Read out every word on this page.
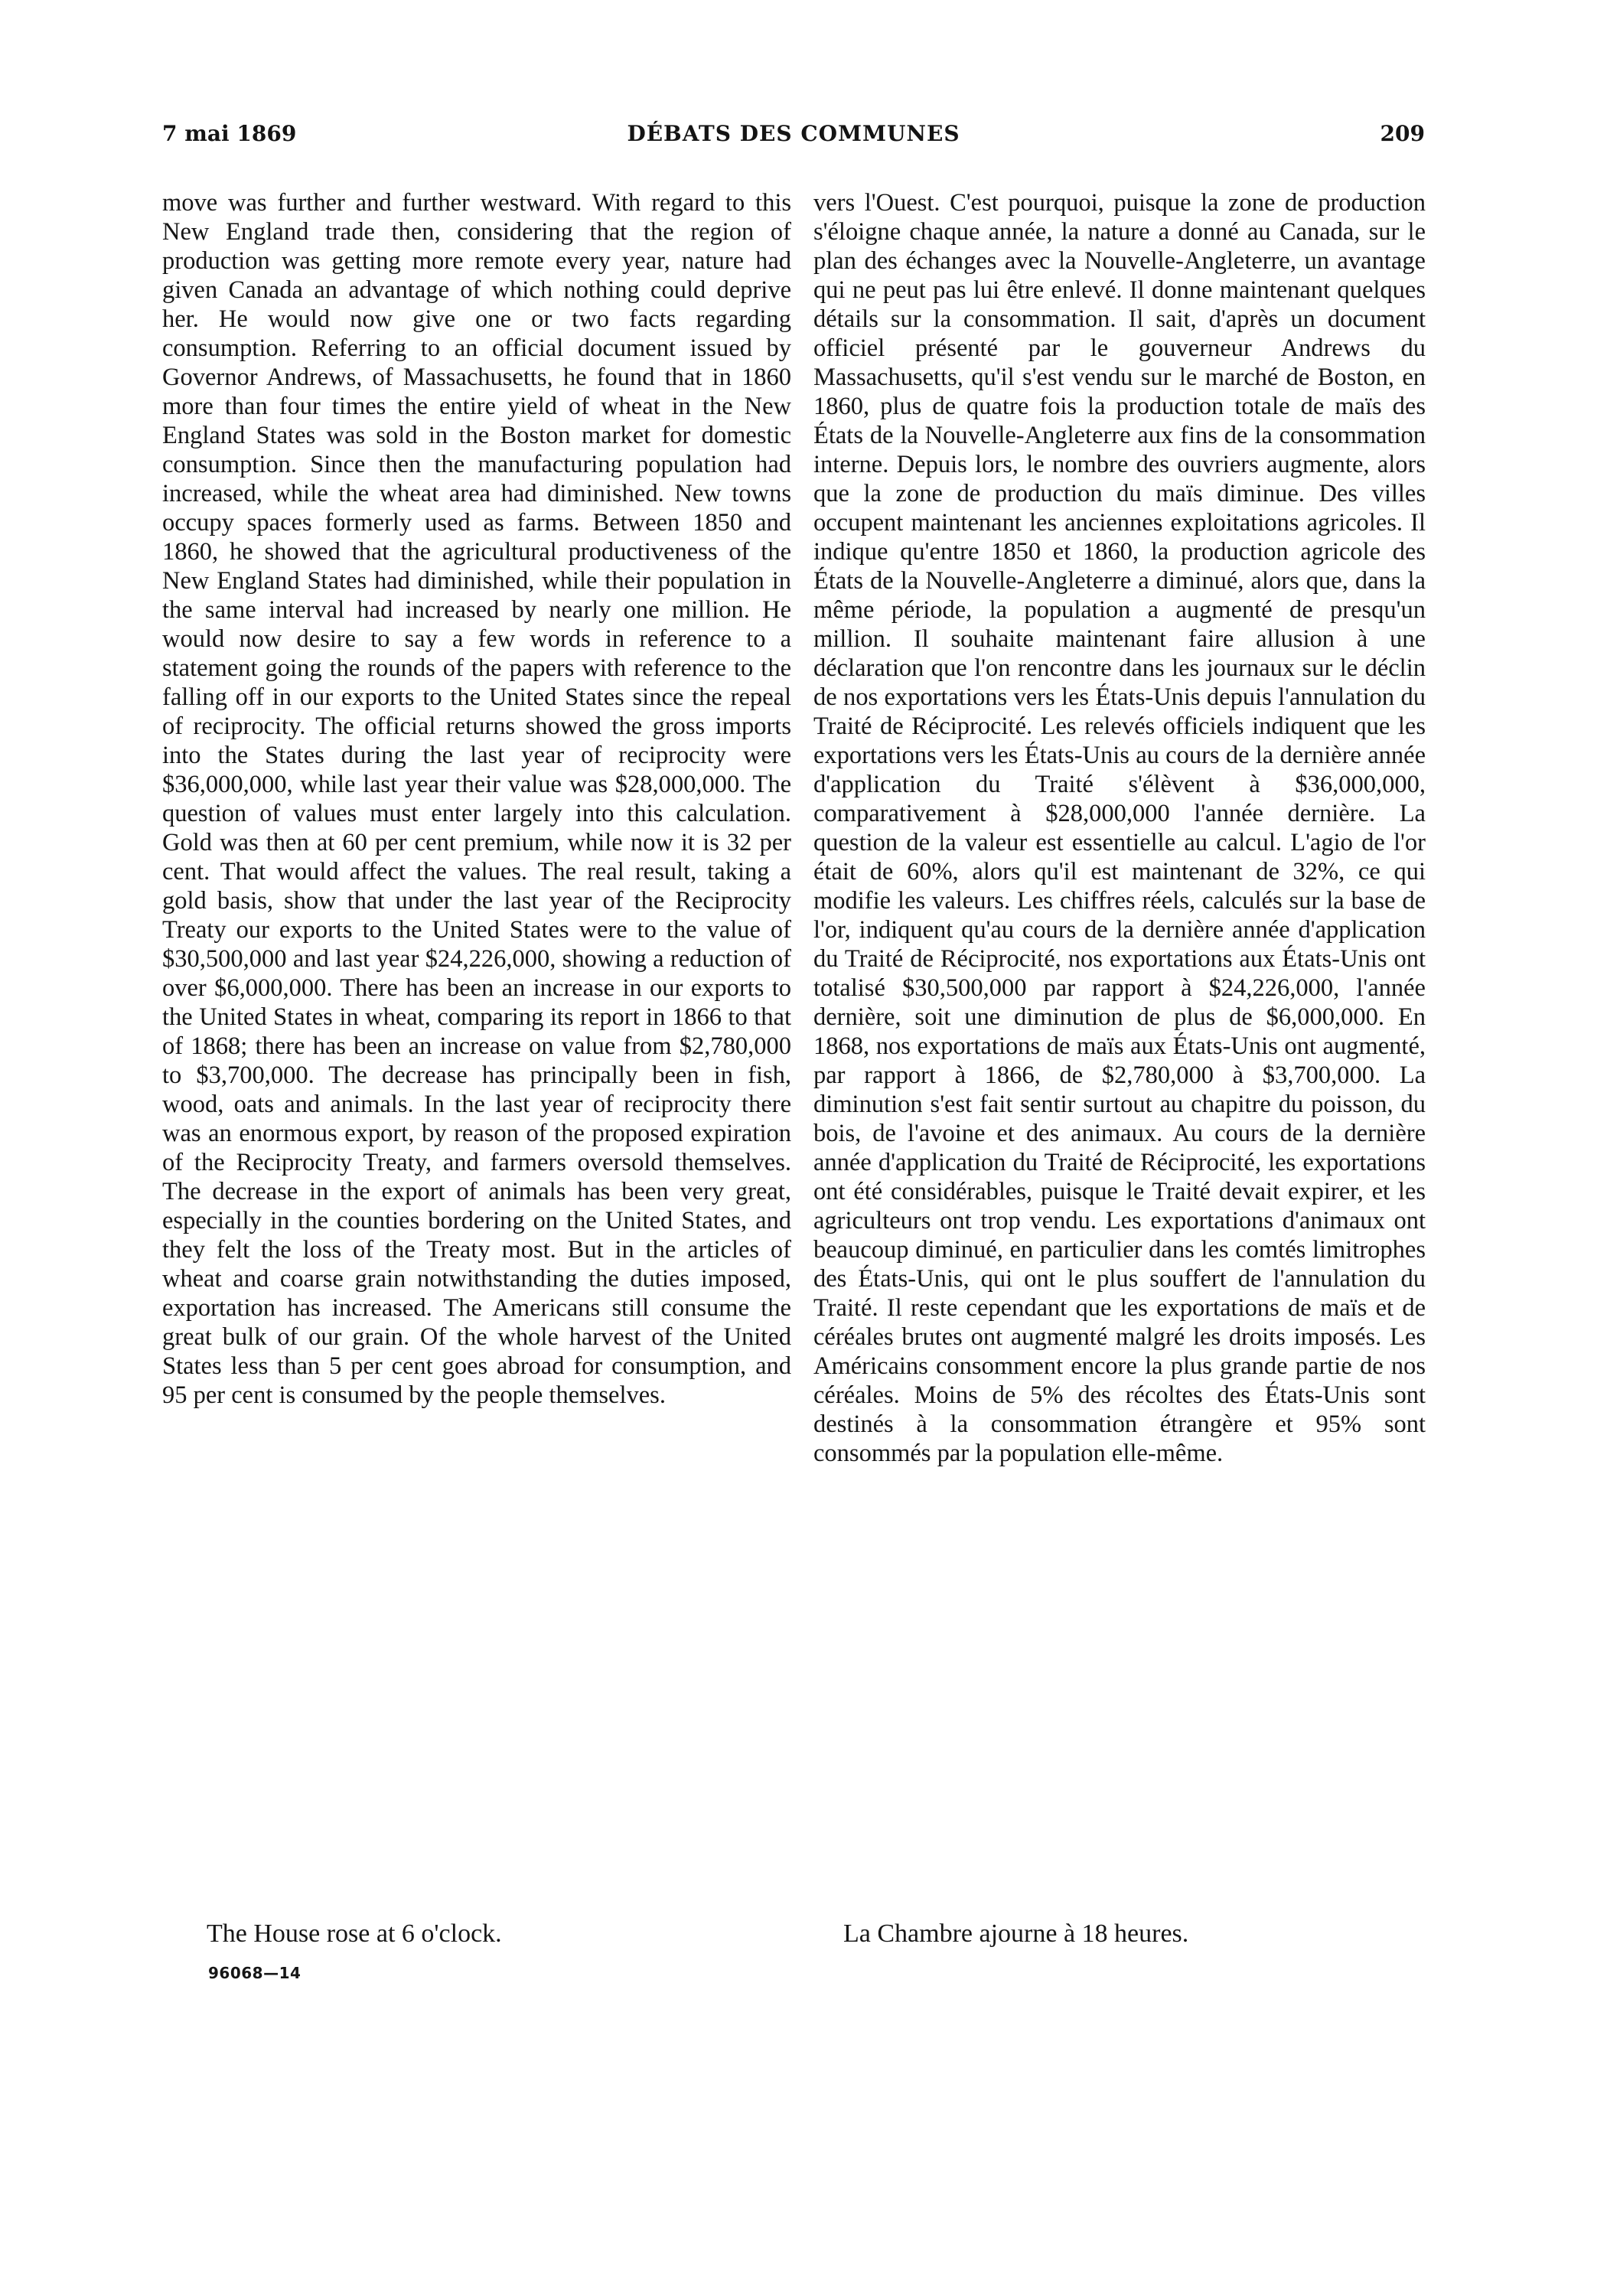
7 mai 1869	DÉBATS DES COMMUNES	209

move was further and further westward. With regard to this New England trade then, considering that the region of production was getting more remote every year, nature had given Canada an advantage of which nothing could deprive her. He would now give one or two facts regarding consumption. Referring to an official document issued by Governor Andrews, of Massachusetts, he found that in 1860 more than four times the entire yield of wheat in the New England States was sold in the Boston market for domestic consumption. Since then the manufacturing population had increased, while the wheat area had diminished. New towns occupy spaces formerly used as farms. Between 1850 and 1860, he showed that the agricultural productiveness of the New England States had diminished, while their population in the same interval had increased by nearly one million. He would now desire to say a few words in reference to a statement going the rounds of the papers with reference to the falling off in our exports to the United States since the repeal of reciprocity. The official returns showed the gross imports into the States during the last year of reciprocity were $36,000,000, while last year their value was $28,000,000. The question of values must enter largely into this calculation. Gold was then at 60 per cent premium, while now it is 32 per cent. That would affect the values. The real result, taking a gold basis, show that under the last year of the Reciprocity Treaty our exports to the United States were to the value of $30,500,000 and last year $24,226,000, showing a reduction of over $6,000,000. There has been an increase in our exports to the United States in wheat, comparing its report in 1866 to that of 1868; there has been an increase on value from $2,780,000 to $3,700,000. The decrease has principally been in fish, wood, oats and animals. In the last year of reciprocity there was an enormous export, by reason of the proposed expiration of the Reciprocity Treaty, and farmers oversold themselves. The decrease in the export of animals has been very great, especially in the counties bordering on the United States, and they felt the loss of the Treaty most. But in the articles of wheat and coarse grain notwithstanding the duties imposed, exportation has increased. The Americans still consume the great bulk of our grain. Of the whole harvest of the United States less than 5 per cent goes abroad for consumption, and 95 per cent is consumed by the people themselves.

vers l'Ouest. C'est pourquoi, puisque la zone de production s'éloigne chaque année, la nature a donné au Canada, sur le plan des échanges avec la Nouvelle-Angleterre, un avantage qui ne peut pas lui être enlevé. Il donne maintenant quelques détails sur la consommation. Il sait, d'après un document officiel présenté par le gouverneur Andrews du Massachusetts, qu'il s'est vendu sur le marché de Boston, en 1860, plus de quatre fois la production totale de maïs des États de la Nouvelle-Angleterre aux fins de la consommation interne. Depuis lors, le nombre des ouvriers augmente, alors que la zone de production du maïs diminue. Des villes occupent maintenant les anciennes exploitations agricoles. Il indique qu'entre 1850 et 1860, la production agricole des États de la Nouvelle-Angleterre a diminué, alors que, dans la même période, la population a augmenté de presqu'un million. Il souhaite maintenant faire allusion à une déclaration que l'on rencontre dans les journaux sur le déclin de nos exportations vers les États-Unis depuis l'annulation du Traité de Réciprocité. Les relevés officiels indiquent que les exportations vers les États-Unis au cours de la dernière année d'application du Traité s'élèvent à $36,000,000, comparativement à $28,000,000 l'année dernière. La question de la valeur est essentielle au calcul. L'agio de l'or était de 60%, alors qu'il est maintenant de 32%, ce qui modifie les valeurs. Les chiffres réels, calculés sur la base de l'or, indiquent qu'au cours de la dernière année d'application du Traité de Réciprocité, nos exportations aux États-Unis ont totalisé $30,500,000 par rapport à $24,226,000, l'année dernière, soit une diminution de plus de $6,000,000. En 1868, nos exportations de maïs aux États-Unis ont augmenté, par rapport à 1866, de $2,780,000 à $3,700,000. La diminution s'est fait sentir surtout au chapitre du poisson, du bois, de l'avoine et des animaux. Au cours de la dernière année d'application du Traité de Réciprocité, les exportations ont été considérables, puisque le Traité devait expirer, et les agriculteurs ont trop vendu. Les exportations d'animaux ont beaucoup diminué, en particulier dans les comtés limitrophes des États-Unis, qui ont le plus souffert de l'annulation du Traité. Il reste cependant que les exportations de maïs et de céréales brutes ont augmenté malgré les droits imposés. Les Américains consomment encore la plus grande partie de nos céréales. Moins de 5% des récoltes des États-Unis sont destinés à la consommation étrangère et 95% sont consommés par la population elle-même.

The House rose at 6 o'clock.	La Chambre ajourne à 18 heures.
96068—14
